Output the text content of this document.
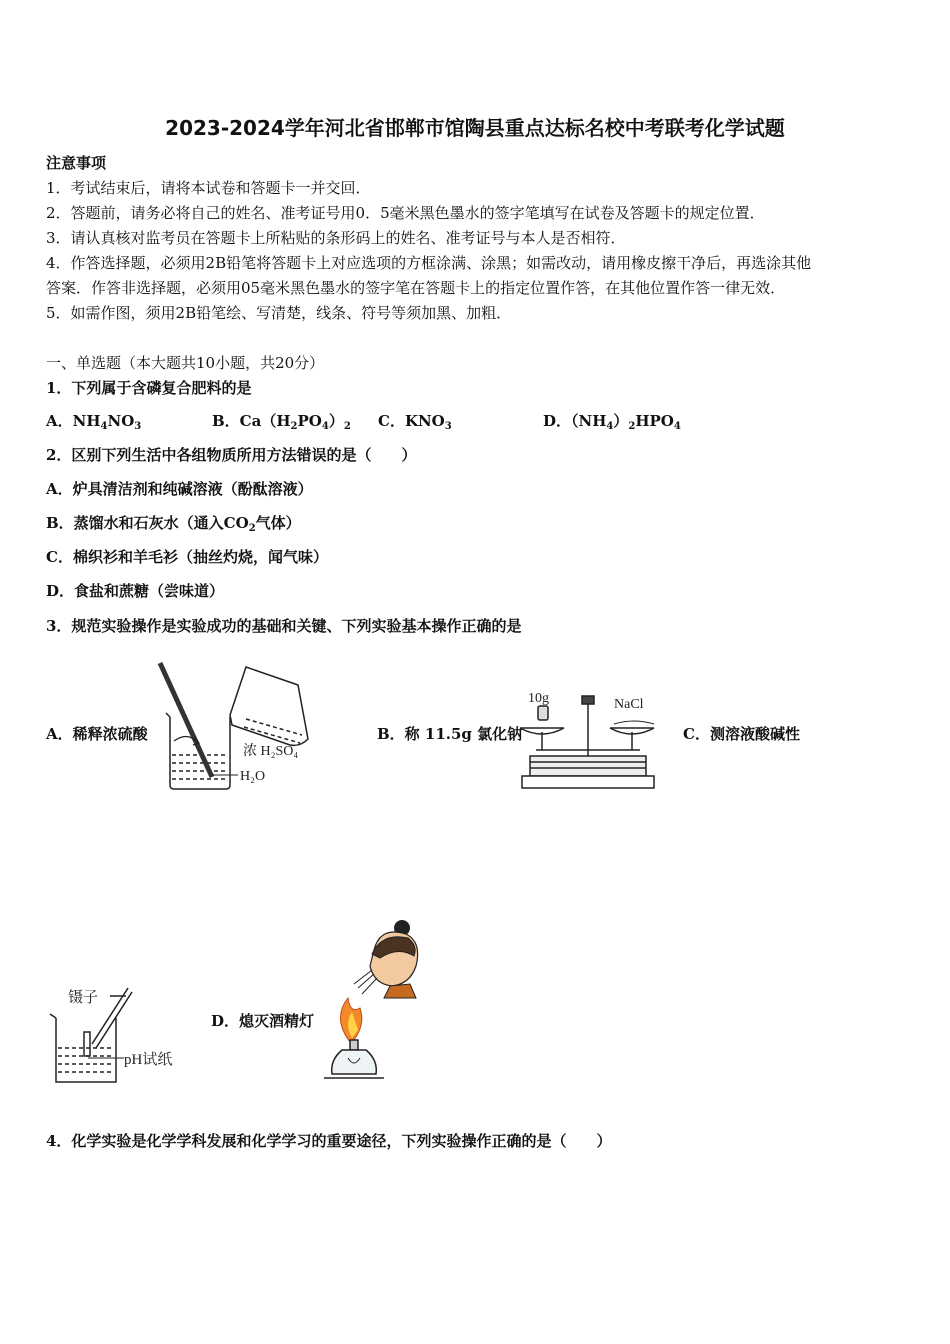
2023-2024学年河北省邯郸市馆陶县重点达标名校中考联考化学试题
注意事项
1．考试结束后，请将本试卷和答题卡一并交回．
2．答题前，请务必将自己的姓名、准考证号用0．5毫米黑色墨水的签字笔填写在试卷及答题卡的规定位置．
3．请认真核对监考员在答题卡上所粘贴的条形码上的姓名、准考证号与本人是否相符．
4．作答选择题，必须用2B铅笔将答题卡上对应选项的方框涂满、涂黑；如需改动，请用橡皮擦干净后，再选涂其他
答案．作答非选择题，必须用05毫米黑色墨水的签字笔在答题卡上的指定位置作答，在其他位置作答一律无效．
5．如需作图，须用2B铅笔绘、写清楚，线条、符号等须加黑、加粗．
一、单选题（本大题共10小题，共20分）
1．下列属于含磷复合肥料的是
A．$NH_4NO_3$	B．$Ca(H_2PO_4)_2$ C．$KNO_3$	D．$(NH_4)_2HPO_4$
2．区别下列生活中各组物质所用方法错误的是（　　）
A．炉具清洁剂和纯碱溶液（酚酞溶液）
B．蒸馏水和石灰水（通入$CO_2$气体）
C．棉织衫和羊毛衫（抽丝灼烧，闻气味）
D．食盐和蔗糖（尝味道）
3．规范实验操作是实验成功的基础和关键、下列实验基本操作正确的是
A．稀释浓硫酸	B．称 11.5g 氯化钠	C．测溶液酸碱性
D．熄灭酒精灯
浓 H₂SO₄
H₂O
10g	NaCl
镊子
pH试纸
4．化学实验是化学学科发展和化学学习的重要途径，下列实验操作正确的是（　　）
